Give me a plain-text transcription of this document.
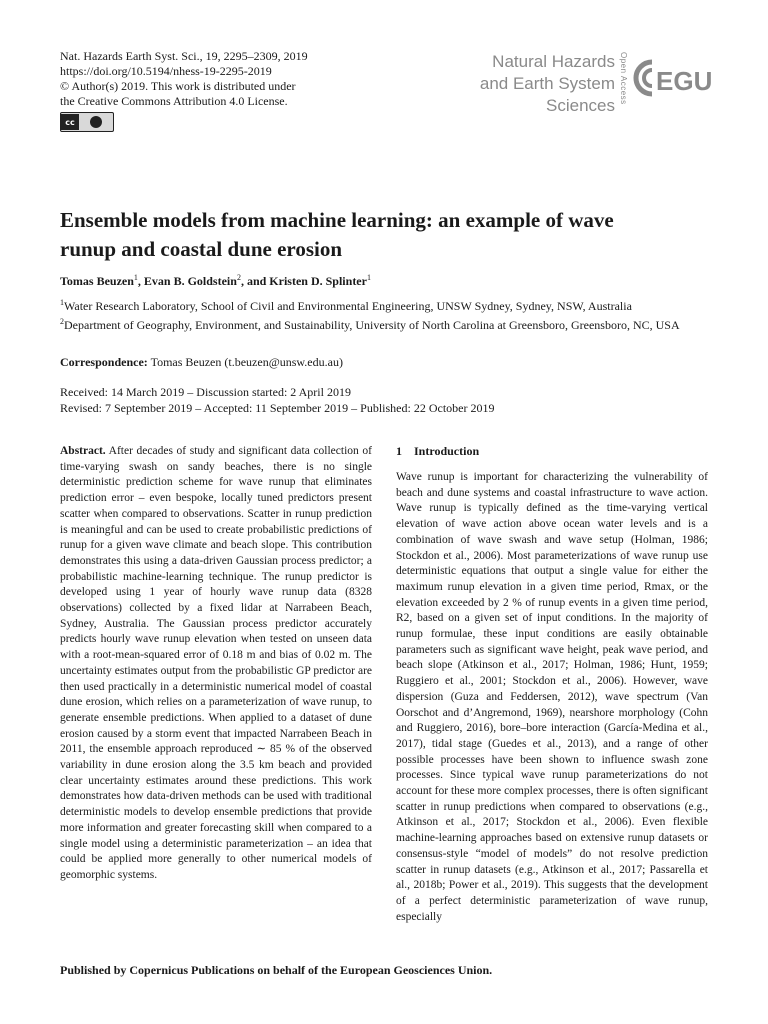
Nat. Hazards Earth Syst. Sci., 19, 2295–2309, 2019
https://doi.org/10.5194/nhess-19-2295-2019
© Author(s) 2019. This work is distributed under
the Creative Commons Attribution 4.0 License.
cc
Natural Hazards
and Earth System
Sciences
Open Access EGU
Ensemble models from machine learning: an example of wave runup and coastal dune erosion
Tomas Beuzen$^1$, Evan B. Goldstein$^2$, and Kristen D. Splinter$^1$
$^1$Water Research Laboratory, School of Civil and Environmental Engineering, UNSW Sydney, Sydney, NSW, Australia
$^2$Department of Geography, Environment, and Sustainability, University of North Carolina at Greensboro, Greensboro, NC, USA
Correspondence: Tomas Beuzen (t.beuzen@unsw.edu.au)
Received: 14 March 2019 – Discussion started: 2 April 2019
Revised: 7 September 2019 – Accepted: 11 September 2019 – Published: 22 October 2019
Abstract. After decades of study and significant data collection of time-varying swash on sandy beaches, there is no single deterministic prediction scheme for wave runup that eliminates prediction error – even bespoke, locally tuned predictors present scatter when compared to observations. Scatter in runup prediction is meaningful and can be used to create probabilistic predictions of runup for a given wave climate and beach slope. This contribution demonstrates this using a data-driven Gaussian process predictor; a probabilistic machine-learning technique. The runup predictor is developed using 1 year of hourly wave runup data (8328 observations) collected by a fixed lidar at Narrabeen Beach, Sydney, Australia. The Gaussian process predictor accurately predicts hourly wave runup elevation when tested on unseen data with a root-mean-squared error of 0.18 m and bias of 0.02 m. The uncertainty estimates output from the probabilistic GP predictor are then used practically in a deterministic numerical model of coastal dune erosion, which relies on a parameterization of wave runup, to generate ensemble predictions. When applied to a dataset of dune erosion caused by a storm event that impacted Narrabeen Beach in 2011, the ensemble approach reproduced ∼ 85 % of the observed variability in dune erosion along the 3.5 km beach and provided clear uncertainty estimates around these predictions. This work demonstrates how data-driven methods can be used with traditional deterministic models to develop ensemble predictions that provide more information and greater forecasting skill when compared to a single model using a deterministic parameterization – an idea that could be applied more generally to other numerical models of geomorphic systems.
1 Introduction
Wave runup is important for characterizing the vulnerability of beach and dune systems and coastal infrastructure to wave action. Wave runup is typically defined as the time-varying vertical elevation of wave action above ocean water levels and is a combination of wave swash and wave setup (Holman, 1986; Stockdon et al., 2006). Most parameterizations of wave runup use deterministic equations that output a single value for either the maximum runup elevation in a given time period, Rmax, or the elevation exceeded by 2 % of runup events in a given time period, R2, based on a given set of input conditions. In the majority of runup formulae, these input conditions are easily obtainable parameters such as significant wave height, peak wave period, and beach slope (Atkinson et al., 2017; Holman, 1986; Hunt, 1959; Ruggiero et al., 2001; Stockdon et al., 2006). However, wave dispersion (Guza and Feddersen, 2012), wave spectrum (Van Oorschot and d’Angremond, 1969), nearshore morphology (Cohn and Ruggiero, 2016), bore–bore interaction (García-Medina et al., 2017), tidal stage (Guedes et al., 2013), and a range of other possible processes have been shown to influence swash zone processes. Since typical wave runup parameterizations do not account for these more complex processes, there is often significant scatter in runup predictions when compared to observations (e.g., Atkinson et al., 2017; Stockdon et al., 2006). Even flexible machine-learning approaches based on extensive runup datasets or consensus-style “model of models” do not resolve prediction scatter in runup datasets (e.g., Atkinson et al., 2017; Passarella et al., 2018b; Power et al., 2019). This suggests that the development of a perfect deterministic parameterization of wave runup, especially
Published by Copernicus Publications on behalf of the European Geosciences Union.
